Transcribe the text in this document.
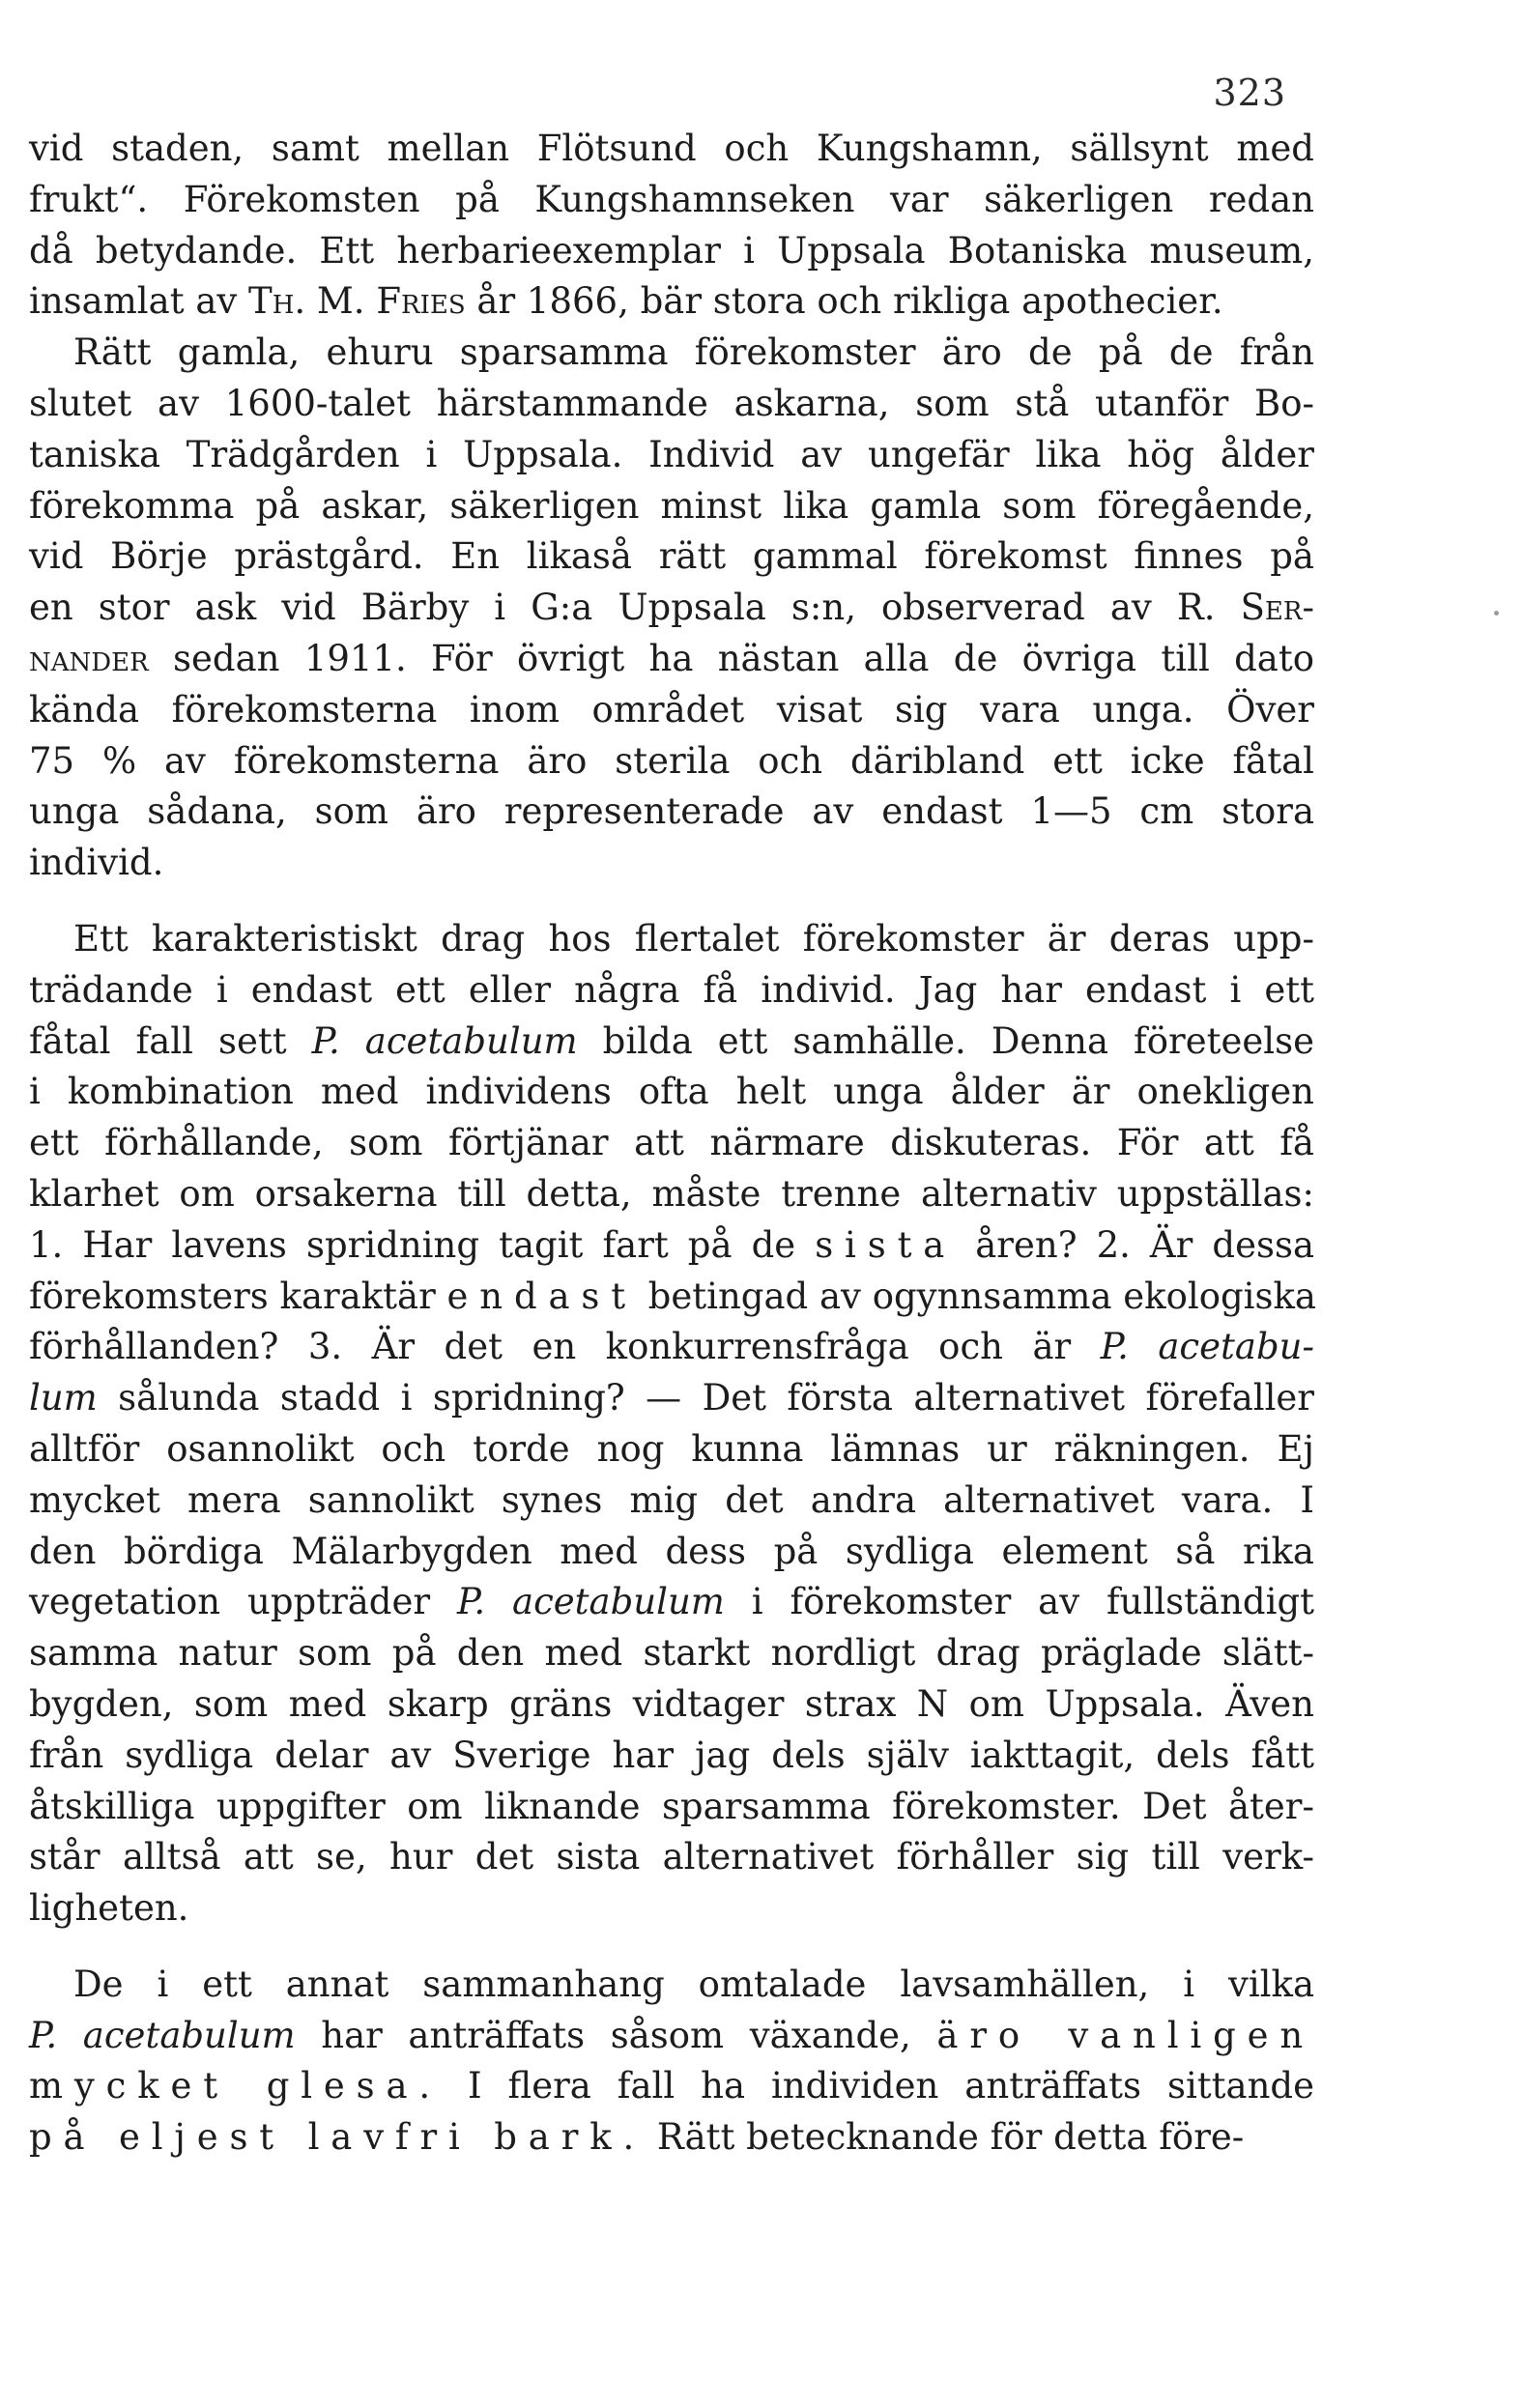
323
vid staden, samt mellan Flötsund och Kungshamn, sällsynt med
frukt“. Förekomsten på Kungshamnseken var säkerligen redan
då betydande. Ett herbarieexemplar i Uppsala Botaniska museum,
insamlat av Th. M. Fries år 1866, bär stora och rikliga apothecier.
Rätt gamla, ehuru sparsamma förekomster äro de på de från
slutet av 1600-talet härstammande askarna, som stå utanför Bo-
taniska Trädgården i Uppsala. Individ av ungefär lika hög ålder
förekomma på askar, säkerligen minst lika gamla som föregående,
vid Börje prästgård. En likaså rätt gammal förekomst finnes på
en stor ask vid Bärby i G:a Uppsala s:n, observerad av R. Ser-
nander sedan 1911. För övrigt ha nästan alla de övriga till dato
kända förekomsterna inom området visat sig vara unga. Över
75 % av förekomsterna äro sterila och däribland ett icke fåtal
unga sådana, som äro representerade av endast 1—5 cm stora
individ.
Ett karakteristiskt drag hos flertalet förekomster är deras upp-
trädande i endast ett eller några få individ. Jag har endast i ett
fåtal fall sett P. acetabulum bilda ett samhälle. Denna företeelse
i kombination med individens ofta helt unga ålder är onekligen
ett förhållande, som förtjänar att närmare diskuteras. För att få
klarhet om orsakerna till detta, måste trenne alternativ uppställas:
1. Har lavens spridning tagit fart på de sista åren? 2. Är dessa
förekomsters karaktär endast betingad av ogynnsamma ekologiska
förhållanden? 3. Är det en konkurrensfråga och är P. acetabu-
lum sålunda stadd i spridning? — Det första alternativet förefaller
alltför osannolikt och torde nog kunna lämnas ur räkningen. Ej
mycket mera sannolikt synes mig det andra alternativet vara. I
den bördiga Mälarbygden med dess på sydliga element så rika
vegetation uppträder P. acetabulum i förekomster av fullständigt
samma natur som på den med starkt nordligt drag präglade slätt-
bygden, som med skarp gräns vidtager strax N om Uppsala. Även
från sydliga delar av Sverige har jag dels själv iakttagit, dels fått
åtskilliga uppgifter om liknande sparsamma förekomster. Det åter-
står alltså att se, hur det sista alternativet förhåller sig till verk-
ligheten.
De i ett annat sammanhang omtalade lavsamhällen, i vilka
P. acetabulum har anträffats såsom växande, äro vanligen
mycket glesa. I flera fall ha individen anträffats sittande
på eljest lavfri bark. Rätt betecknande för detta före-
